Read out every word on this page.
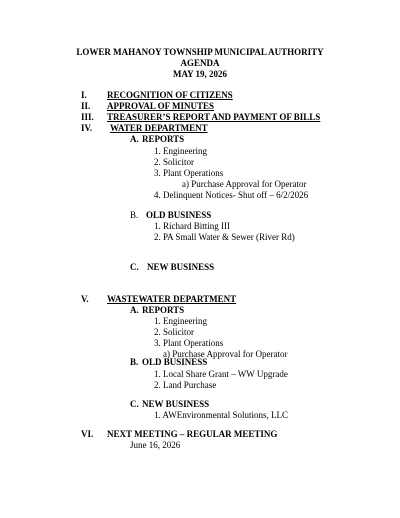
LOWER MAHANOY TOWNSHIP MUNICIPAL AUTHORITY
AGENDA
MAY 19, 2026
I. RECOGNITION OF CITIZENS
II. APPROVAL OF MINUTES
III. TREASURER’S REPORT AND PAYMENT OF BILLS
IV. WATER DEPARTMENT
A. REPORTS
1. Engineering
2. Solicitor
3. Plant Operations
a) Purchase Approval for Operator
4. Delinquent Notices- Shut off – 6/2/2026
B. OLD BUSINESS
1. Richard Bitting III
2. PA Small Water & Sewer (River Rd)
C. NEW BUSINESS
V. WASTEWATER DEPARTMENT
A. REPORTS
1. Engineering
2. Solicitor
3. Plant Operations
a) Purchase Approval for Operator
B. OLD BUSINESS
1. Local Share Grant – WW Upgrade
2. Land Purchase
C. NEW BUSINESS
1. AWEnvironmental Solutions, LLC
VI. NEXT MEETING – REGULAR MEETING
June 16, 2026
